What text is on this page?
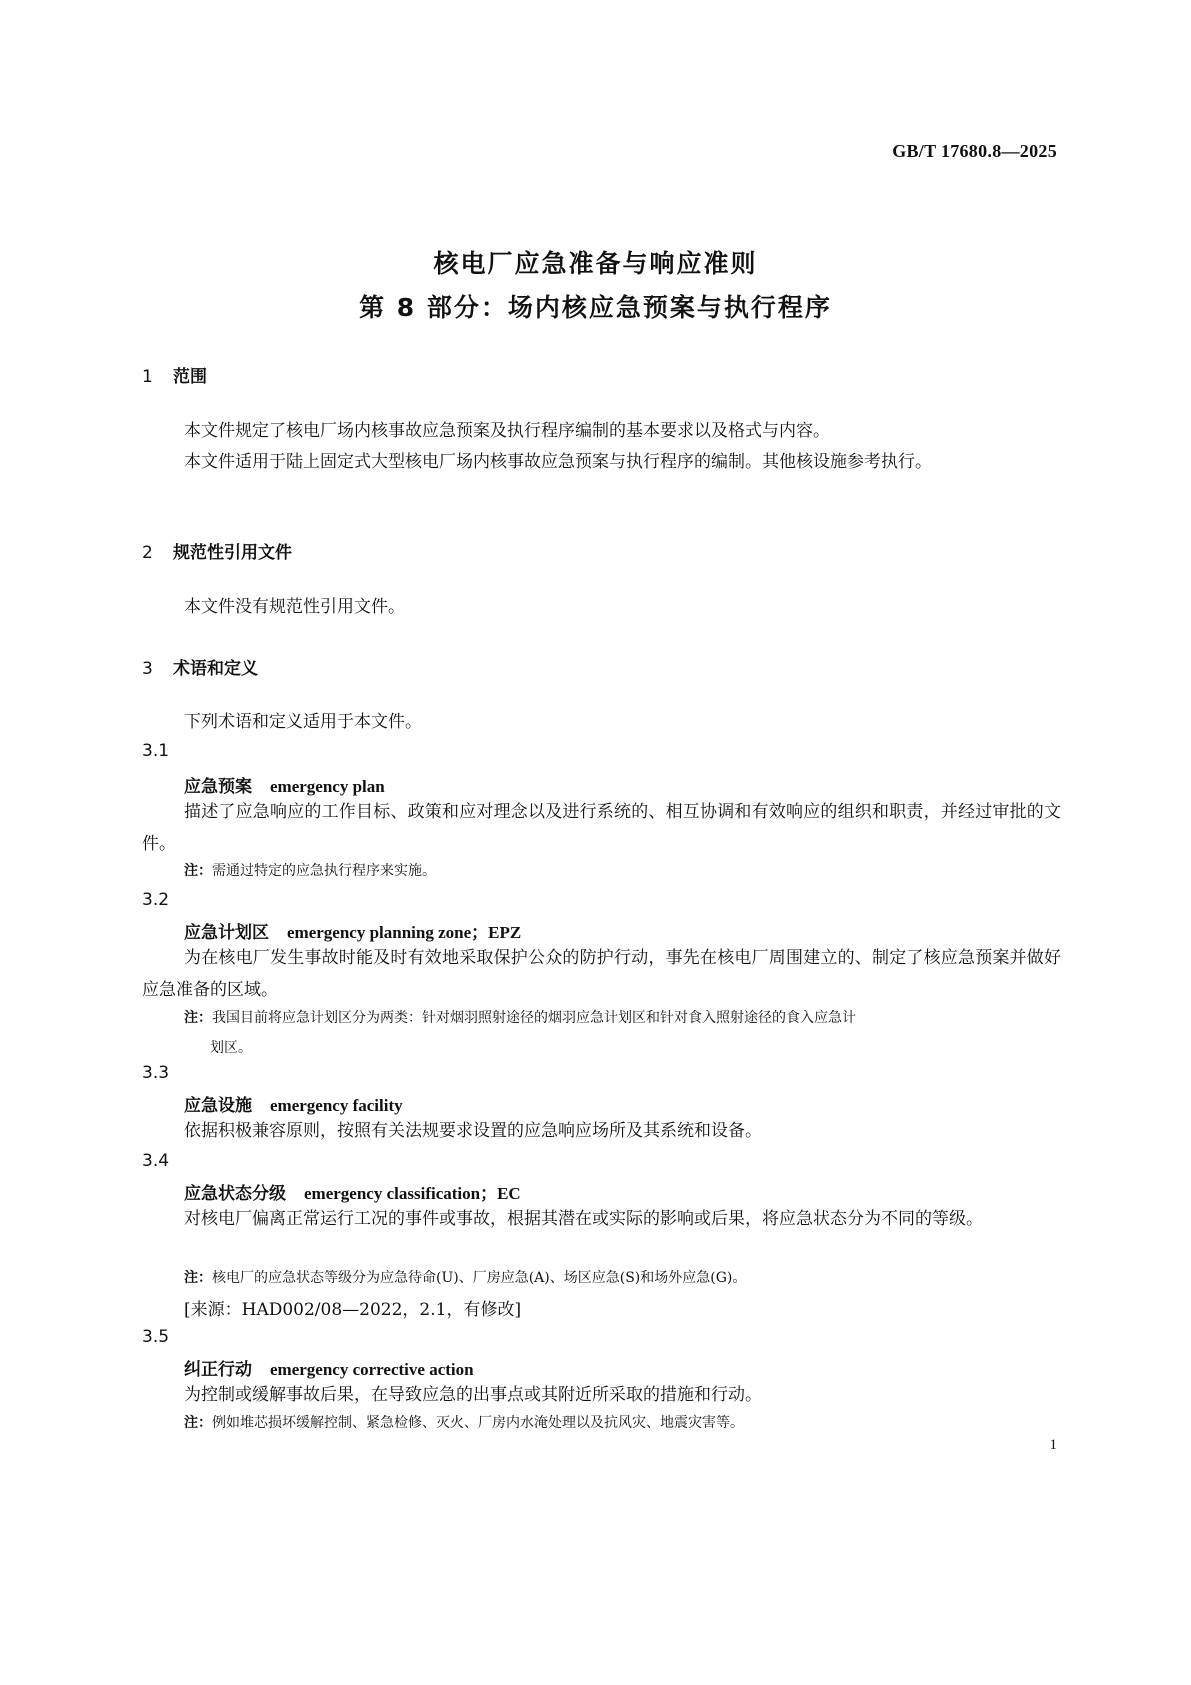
GB/T 17680.8—2025
核电厂应急准备与响应准则
第 8 部分：场内核应急预案与执行程序
1 范围

本文件规定了核电厂场内核事故应急预案及执行程序编制的基本要求以及格式与内容。

本文件适用于陆上固定式大型核电厂场内核事故应急预案与执行程序的编制。其他核设施参考执行。

2 规范性引用文件

本文件没有规范性引用文件。

3 术语和定义

下列术语和定义适用于本文件。

3.1

应急预案 emergency plan

描述了应急响应的工作目标、政策和应对理念以及进行系统的、相互协调和有效响应的组织和职责，并经过审批的文件。

注：需通过特定的应急执行程序来实施。

3.2

应急计划区 emergency planning zone；EPZ

为在核电厂发生事故时能及时有效地采取保护公众的防护行动，事先在核电厂周围建立的、制定了核应急预案并做好应急准备的区域。

注：我国目前将应急计划区分为两类：针对烟羽照射途径的烟羽应急计划区和针对食入照射途径的食入应急计
划区。

3.3

应急设施 emergency facility

依据积极兼容原则，按照有关法规要求设置的应急响应场所及其系统和设备。

3.4

应急状态分级 emergency classification；EC

对核电厂偏离正常运行工况的事件或事故，根据其潜在或实际的影响或后果，将应急状态分为不同的等级。

注：核电厂的应急状态等级分为应急待命(U)、厂房应急(A)、场区应急(S)和场外应急(G)。

[来源：HAD002/08—2022，2.1，有修改]

3.5

纠正行动 emergency corrective action

为控制或缓解事故后果，在导致应急的出事点或其附近所采取的措施和行动。

注：例如堆芯损坏缓解控制、紧急检修、灭火、厂房内水淹处理以及抗风灾、地震灾害等。

1
